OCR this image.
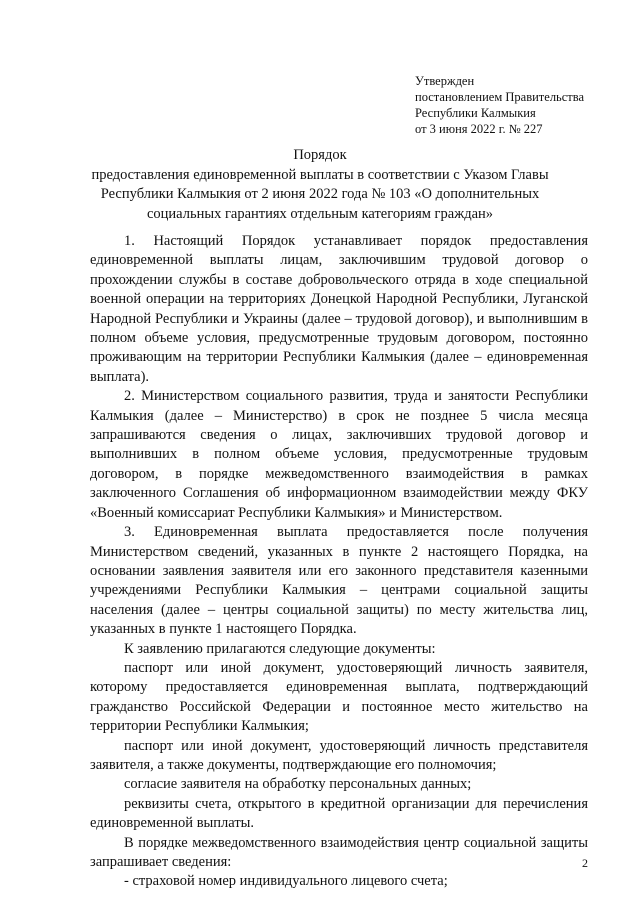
Утвержден
постановлением Правительства
Республики Калмыкия
от 3 июня 2022 г. № 227
Порядок
предоставления единовременной выплаты в соответствии с Указом Главы Республики Калмыкия от 2 июня 2022 года № 103 «О дополнительных социальных гарантиях отдельным категориям граждан»

1. Настоящий Порядок устанавливает порядок предоставления единовременной выплаты лицам, заключившим трудовой договор о прохождении службы в составе добровольческого отряда в ходе специальной военной операции на территориях Донецкой Народной Республики, Луганской Народной Республики и Украины (далее – трудовой договор), и выполнившим в полном объеме условия, предусмотренные трудовым договором, постоянно проживающим на территории Республики Калмыкия (далее – единовременная выплата).

2. Министерством социального развития, труда и занятости Республики Калмыкия (далее – Министерство) в срок не позднее 5 числа месяца запрашиваются сведения о лицах, заключивших трудовой договор и выполнивших в полном объеме условия, предусмотренные трудовым договором, в порядке межведомственного взаимодействия в рамках заключенного Соглашения об информационном взаимодействии между ФКУ «Военный комиссариат Республики Калмыкия» и Министерством.

3. Единовременная выплата предоставляется после получения Министерством сведений, указанных в пункте 2 настоящего Порядка, на основании заявления заявителя или его законного представителя казенными учреждениями Республики Калмыкия – центрами социальной защиты населения (далее – центры социальной защиты) по месту жительства лиц, указанных в пункте 1 настоящего Порядка.

К заявлению прилагаются следующие документы:

паспорт или иной документ, удостоверяющий личность заявителя, которому предоставляется единовременная выплата, подтверждающий гражданство Российской Федерации и постоянное место жительство на территории Республики Калмыкия;

паспорт или иной документ, удостоверяющий личность представителя заявителя, а также документы, подтверждающие его полномочия;

согласие заявителя на обработку персональных данных;

реквизиты счета, открытого в кредитной организации для перечисления единовременной выплаты.

В порядке межведомственного взаимодействия центр социальной защиты запрашивает сведения:

- страховой номер индивидуального лицевого счета;

2
